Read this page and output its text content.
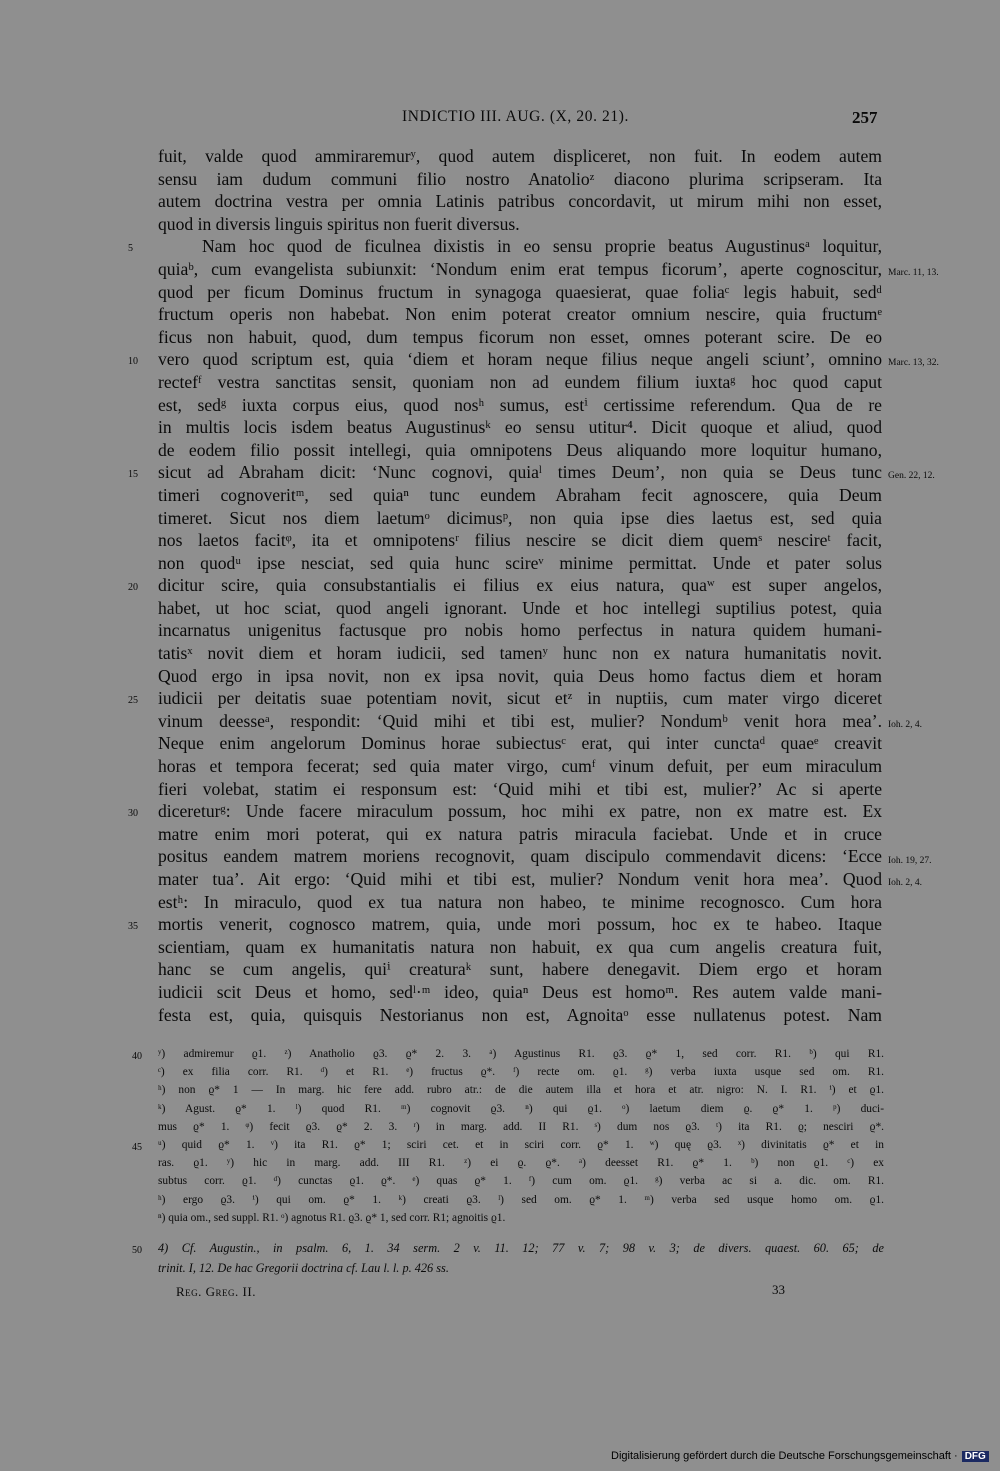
INDICTIO III. AUG. (X, 20. 21).	257
fuit, valde quod ammiraremurʸ, quod autem displiceret, non fuit. In eodem autem
sensu iam dudum communi filio nostro Anatolioᶻ diacono plurima scripseram. Ita
autem doctrina vestra per omnia Latinis patribus concordavit, ut mirum mihi non esset,
quod in diversis linguis spiritus non fuerit diversus.
Nam hoc quod de ficulnea dixistis in eo sensu proprie beatus Augustinusᵃ loquitur,
5
quiaᵇ, cum evangelista subiunxit: ‘Nondum enim erat tempus ficorum’, aperte cognoscitur, Marc. 11, 13.
quod per ficum Dominus fructum in synagoga quaesierat, quae foliaᶜ legis habuit, sedᵈ
fructum operis non habebat. Non enim poterat creator omnium nescire, quia fructumᵉ
ficus non habuit, quod, dum tempus ficorum non esset, omnes poterant scire. De eo
vero quod scriptum est, quia ‘diem et horam neque filius neque angeli sciunt’, omnino
10	Marc. 13, 32.
rectefᶠ vestra sanctitas sensit, quoniam non ad eundem filium iuxtaᵍ hoc quod caput
est, sedᵍ iuxta corpus eius, quod nosʰ sumus, estⁱ certissime referendum. Qua de re
in multis locis isdem beatus Augustinusᵏ eo sensu utitur⁴. Dicit quoque et aliud, quod
de eodem filio possit intellegi, quia omnipotens Deus aliquando more loquitur humano,
sicut ad Abraham dicit: ‘Nunc cognovi, quiaˡ times Deum’, non quia se Deus tunc
15	Gen. 22, 12.
timeri cognoveritᵐ, sed quiaⁿ tunc eundem Abraham fecit agnoscere, quia Deum
timeret. Sicut nos diem laetumᵒ dicimusᵖ, non quia ipse dies laetus est, sed quia
nos laetos facitᵠ, ita et omnipotensʳ filius nescire se dicit diem quemˢ nescireᵗ facit,
non quodᵘ ipse nesciat, sed quia hunc scireᵛ minime permittat. Unde et pater solus
dicitur scire, quia consubstantialis ei filius ex eius natura, quaʷ est super angelos,
20
habet, ut hoc sciat, quod angeli ignorant. Unde et hoc intellegi suptilius potest, quia
incarnatus unigenitus factusque pro nobis homo perfectus in natura quidem humani-
tatisˣ novit diem et horam iudicii, sed tamenʸ hunc non ex natura humanitatis novit.
Quod ergo in ipsa novit, non ex ipsa novit, quia Deus homo factus diem et horam
iudicii per deitatis suae potentiam novit, sicut etᶻ in nuptiis, cum mater virgo diceret
25
vinum deesseᵃ, respondit: ‘Quid mihi et tibi est, mulier? Nondumᵇ venit hora mea’. Ioh. 2, 4.
Neque enim angelorum Dominus horae subiectusᶜ erat, qui inter cunctaᵈ quaeᵉ creavit
horas et tempora fecerat; sed quia mater virgo, cumᶠ vinum defuit, per eum miraculum
fieri volebat, statim ei responsum est: ‘Quid mihi et tibi est, mulier?’ Ac si aperte
dicereturᵍ: Unde facere miraculum possum, hoc mihi ex patre, non ex matre est. Ex
30
matre enim mori poterat, qui ex natura patris miracula faciebat. Unde et in cruce
positus eandem matrem moriens recognovit, quam discipulo commendavit dicens: ‘Ecce Ioh. 19, 27.
mater tua’. Ait ergo: ‘Quid mihi et tibi est, mulier? Nondum venit hora mea’. Quod Ioh. 2, 4.
estʰ: In miraculo, quod ex tua natura non habeo, te minime recognosco. Cum hora
mortis venerit, cognosco matrem, quia, unde mori possum, hoc ex te habeo. Itaque
35
scientiam, quam ex humanitatis natura non habuit, ex qua cum angelis creatura fuit,
hanc se cum angelis, quiⁱ creaturaᵏ sunt, habere denegavit. Diem ergo et horam
iudicii scit Deus et homo, sedˡ·ᵐ ideo, quiaⁿ Deus est homoᵐ. Res autem valde mani-
festa est, quia, quisquis Nestorianus non est, Agnoitaᵒ esse nullatenus potest. Nam
ʸ) admiremur ϱ1. ᶻ) Anatholio ϱ3. ϱ* 2. 3. ᵃ) Agustinus R1. ϱ3. ϱ* 1, sed corr. R1. ᵇ) qui R1.
40
ᶜ) ex filia corr. R1. ᵈ) et R1. ᵉ) fructus ϱ*. ᶠ) recte om. ϱ1. ᵍ) verba iuxta usque sed om. R1.
ʰ) non ϱ* 1 — In marg. hic fere add. rubro atr.: de die autem illa et hora et atr. nigro: N. I. R1. ⁱ) et ϱ1.
ᵏ) Agust. ϱ* 1. ˡ) quod R1. ᵐ) cognovit ϱ3. ⁿ) qui ϱ1. ᵒ) laetum diem ϱ. ϱ* 1. ᵖ) duci-
mus ϱ* 1. ᵠ) fecit ϱ3. ϱ* 2. 3. ʳ) in marg. add. II R1. ˢ) dum nos ϱ3. ᵗ) ita R1. ϱ; nesciri ϱ*.
ᵘ) quid ϱ* 1. ᵛ) ita R1. ϱ* 1; sciri cet. et in sciri corr. ϱ* 1. ʷ) quę ϱ3. ˣ) divinitatis ϱ* et in
45
ras. ϱ1. ʸ) hic in marg. add. III R1. ᶻ) ei ϱ. ϱ*. ᵃ) deesset R1. ϱ* 1. ᵇ) non ϱ1. ᶜ) ex
subtus corr. ϱ1. ᵈ) cunctas ϱ1. ϱ*. ᵉ) quas ϱ* 1. ᶠ) cum om. ϱ1. ᵍ) verba ac si a. dic. om. R1.
ʰ) ergo ϱ3. ⁱ) qui om. ϱ* 1. ᵏ) creati ϱ3. ˡ) sed om. ϱ* 1. ᵐ) verba sed usque homo om. ϱ1.
ⁿ) quia om., sed suppl. R1. ᵒ) agnotus R1. ϱ3. ϱ* 1, sed corr. R1; agnoitis ϱ1.
4) Cf. Augustin., in psalm. 6, 1. 34 serm. 2 v. 11. 12; 77 v. 7; 98 v. 3; de divers. quaest. 60. 65; de
50
trinit. I, 12. De hac Gregorii doctrina cf. Lau l. l. p. 426 ss.
Reg. Greg. II.	33
Digitalisierung gefördert durch die Deutsche Forschungsgemeinschaft · DFG
